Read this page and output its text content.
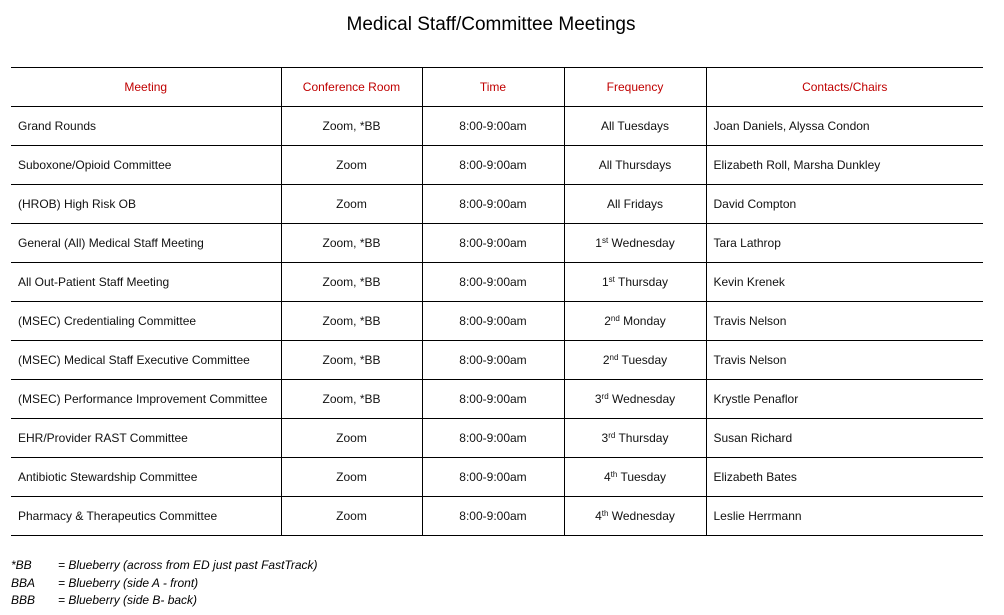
Medical Staff/Committee Meetings
Meeting	Conference Room	Time	Frequency	Contacts/Chairs
Grand Rounds	Zoom, *BB	8:00-9:00am	All Tuesdays	Joan Daniels, Alyssa Condon
Suboxone/Opioid Committee	Zoom	8:00-9:00am	All Thursdays	Elizabeth Roll, Marsha Dunkley
(HROB) High Risk OB	Zoom	8:00-9:00am	All Fridays	David Compton
General (All) Medical Staff Meeting	Zoom, *BB	8:00-9:00am	1st Wednesday	Tara Lathrop
All Out-Patient Staff Meeting	Zoom, *BB	8:00-9:00am	1st Thursday	Kevin Krenek
(MSEC) Credentialing Committee	Zoom, *BB	8:00-9:00am	2nd Monday	Travis Nelson
(MSEC) Medical Staff Executive Committee	Zoom, *BB	8:00-9:00am	2nd Tuesday	Travis Nelson
(MSEC) Performance Improvement Committee	Zoom, *BB	8:00-9:00am	3rd Wednesday	Krystle Penaflor
EHR/Provider RAST Committee	Zoom	8:00-9:00am	3rd Thursday	Susan Richard
Antibiotic Stewardship Committee	Zoom	8:00-9:00am	4th Tuesday	Elizabeth Bates
Pharmacy & Therapeutics Committee	Zoom	8:00-9:00am	4th Wednesday	Leslie Herrmann
*BB = Blueberry (across from ED just past FastTrack)
BBA = Blueberry (side A - front)
BBB = Blueberry (side B- back)
